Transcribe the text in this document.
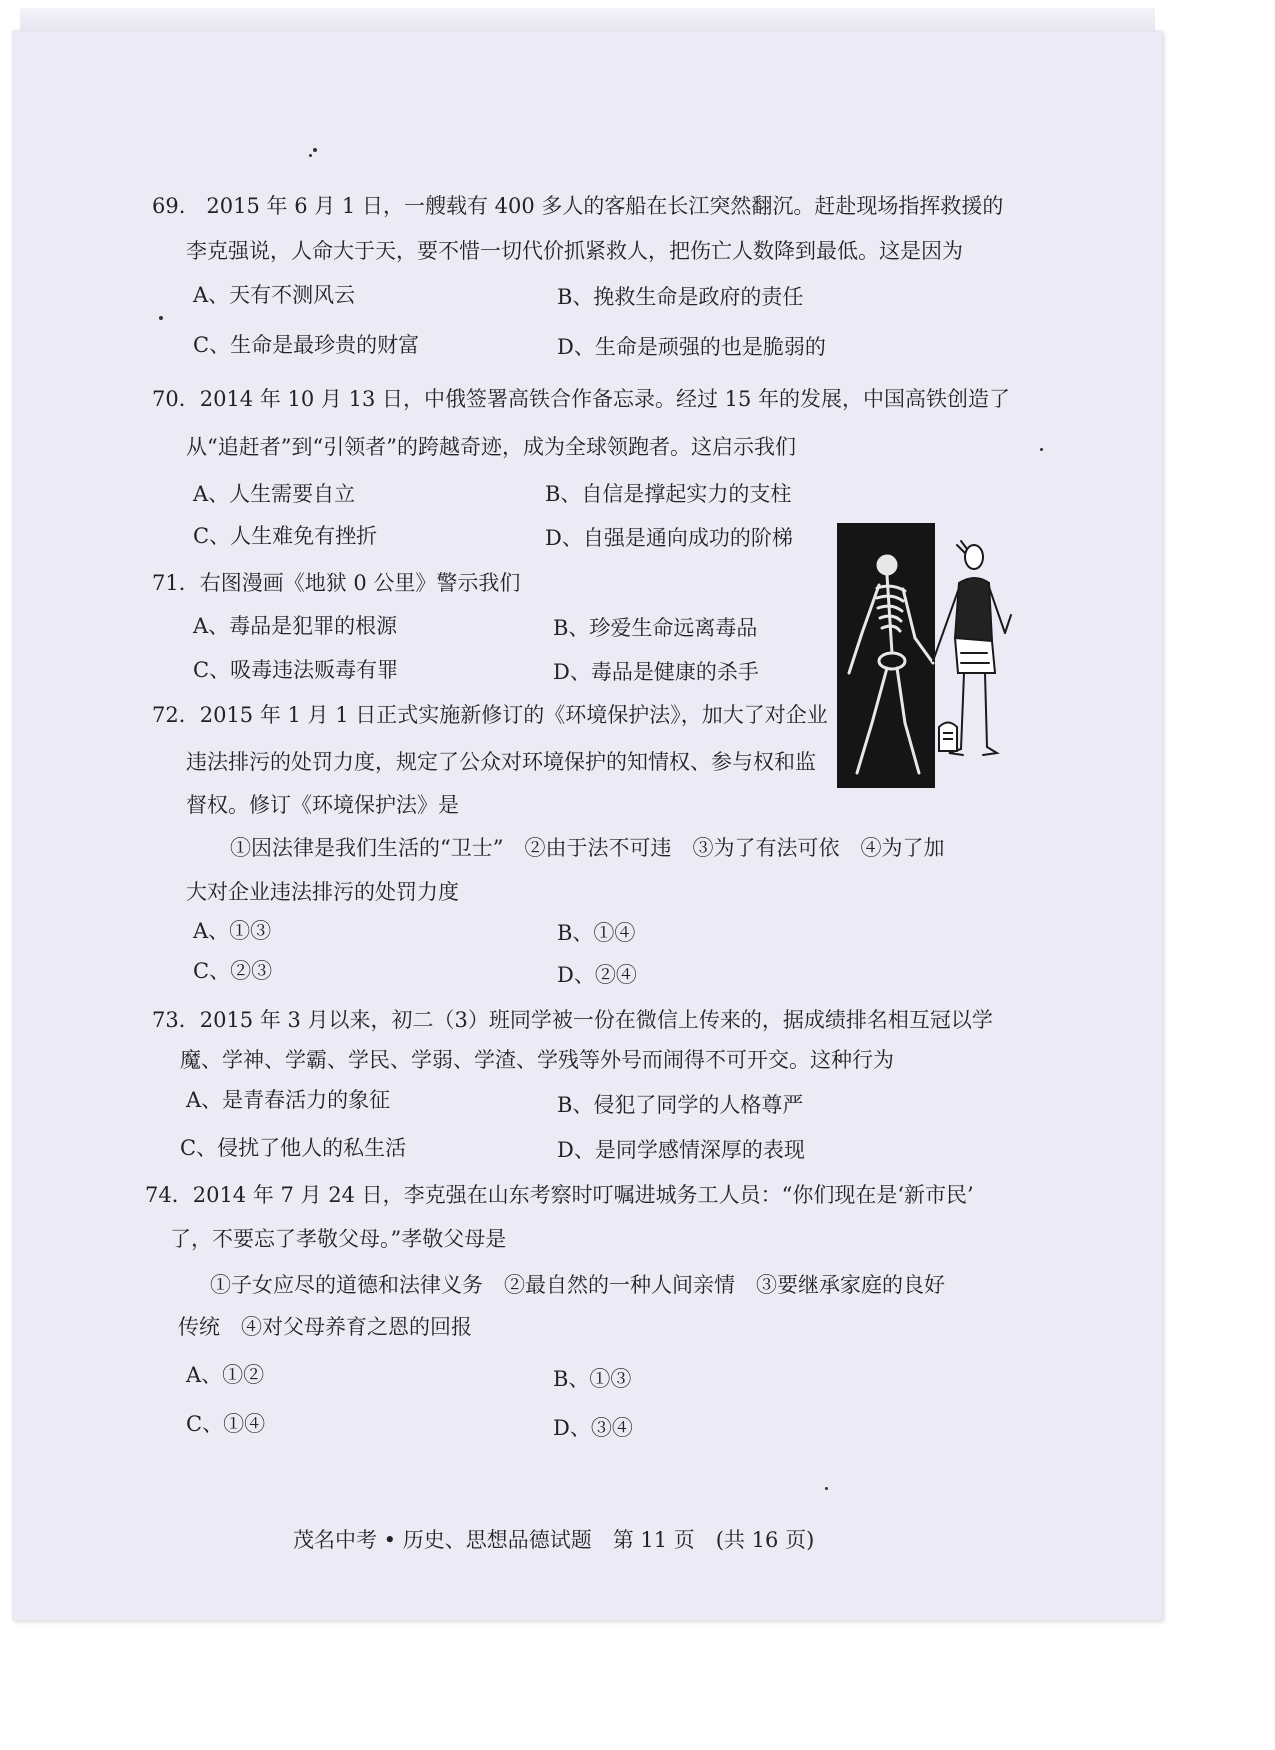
69.　2015 年 6 月 1 日，一艘载有 400 多人的客船在长江突然翻沉。赶赴现场指挥救援的
李克强说，人命大于天，要不惜一切代价抓紧救人，把伤亡人数降到最低。这是因为
A、天有不测风云	B、挽救生命是政府的责任
C、生命是最珍贵的财富	D、生命是顽强的也是脆弱的
70．2014 年 10 月 13 日，中俄签署高铁合作备忘录。经过 15 年的发展，中国高铁创造了
从“追赶者”到“引领者”的跨越奇迹，成为全球领跑者。这启示我们
A、人生需要自立	B、自信是撑起实力的支柱
C、人生难免有挫折	D、自强是通向成功的阶梯
71．右图漫画《地狱 0 公里》警示我们
A、毒品是犯罪的根源	B、珍爱生命远离毒品
C、吸毒违法贩毒有罪	D、毒品是健康的杀手
72．2015 年 1 月 1 日正式实施新修订的《环境保护法》，加大了对企业
违法排污的处罚力度，规定了公众对环境保护的知情权、参与权和监
督权。修订《环境保护法》是
①因法律是我们生活的“卫士”　②由于法不可违　③为了有法可依　④为了加
大对企业违法排污的处罚力度
A、①③	B、①④
C、②③	D、②④
73．2015 年 3 月以来，初二（3）班同学被一份在微信上传来的，据成绩排名相互冠以学
魔、学神、学霸、学民、学弱、学渣、学残等外号而闹得不可开交。这种行为
A、是青春活力的象征	B、侵犯了同学的人格尊严
C、侵扰了他人的私生活	D、是同学感情深厚的表现
74．2014 年 7 月 24 日，李克强在山东考察时叮嘱进城务工人员：“你们现在是‘新市民’
了，不要忘了孝敬父母。”孝敬父母是
①子女应尽的道德和法律义务　②最自然的一种人间亲情　③要继承家庭的良好
传统　④对父母养育之恩的回报
A、①②	B、①③
C、①④	D、③④
茂名中考 • 历史、思想品德试题　第 11 页　(共 16 页)
